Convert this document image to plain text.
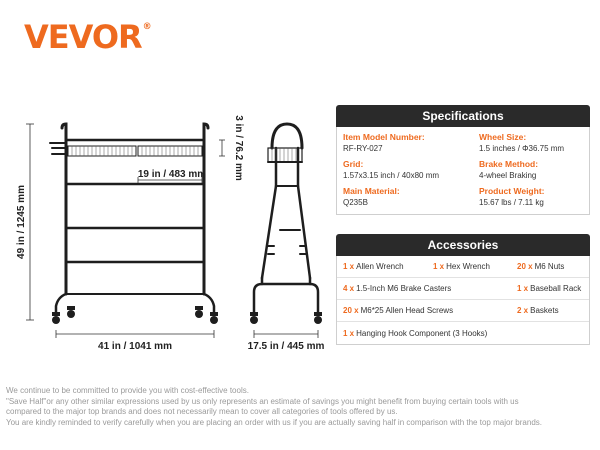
VEVOR®
49 in / 1245 mm
41 in / 1041 mm
19 in / 483 mm	3 in / 76.2 mm
17.5 in / 445 mm
Specifications
Item Model Number:
RF-RY-027
Wheel Size:
1.5 inches / Φ36.75 mm
Grid:
1.57x3.15 inch / 40x80 mm
Brake Method:
4-wheel Braking
Main Material:
Q235B
Product Weight:
15.67 lbs / 7.11 kg
Accessories
1 x Allen Wrench	1 x Hex Wrench	20 x M6 Nuts
4 x 1.5-Inch M6 Brake Casters	1 x Baseball Rack
20 x M6*25 Allen Head Screws	2 x Baskets
1 x Hanging Hook Component (3 Hooks)
We continue to be committed to provide you with cost-effective tools.
"Save Half"or any other similar expressions used by us only represents an estimate of savings you might benefit from buying certain tools with us
compared to the major top brands and does not necessarily mean to cover all categories of tools offered by us.
You are kindly reminded to verify carefully when you are placing an order with us if you are actually saving half in comparison with the top major brands.
